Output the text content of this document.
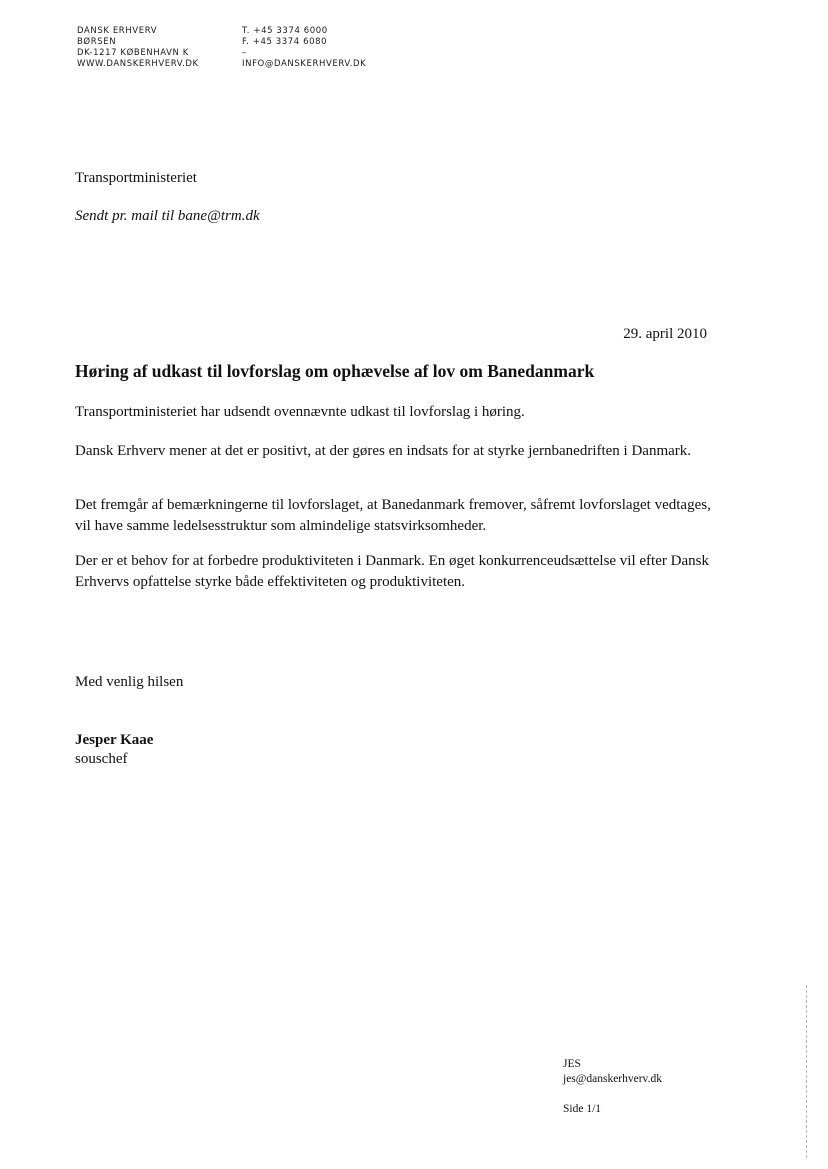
DANSK ERHVERV
BØRSEN
DK-1217 KØBENHAVN K
WWW.DANSKERHVERV.DK
T. +45 3374 6000
F. +45 3374 6080
–
INFO@DANSKERHVERV.DK
Transportministeriet
Sendt pr. mail til bane@trm.dk
29. april 2010
Høring af udkast til lovforslag om ophævelse af lov om Banedanmark

Transportministeriet har udsendt ovennævnte udkast til lovforslag i høring.

Dansk Erhverv mener at det er positivt, at der gøres en indsats for at styrke jernbanedriften i Danmark.

Det fremgår af bemærkningerne til lovforslaget, at Banedanmark fremover, såfremt lovforslaget vedtages, vil have samme ledelsesstruktur som almindelige statsvirksomheder.

Der er et behov for at forbedre produktiviteten i Danmark. En øget konkurrenceudsættelse vil efter Dansk Erhvervs opfattelse styrke både effektiviteten og produktiviteten.

Med venlig hilsen
Jesper Kaae
souschef
JES
jes@danskerhverv.dk
Side 1/1
